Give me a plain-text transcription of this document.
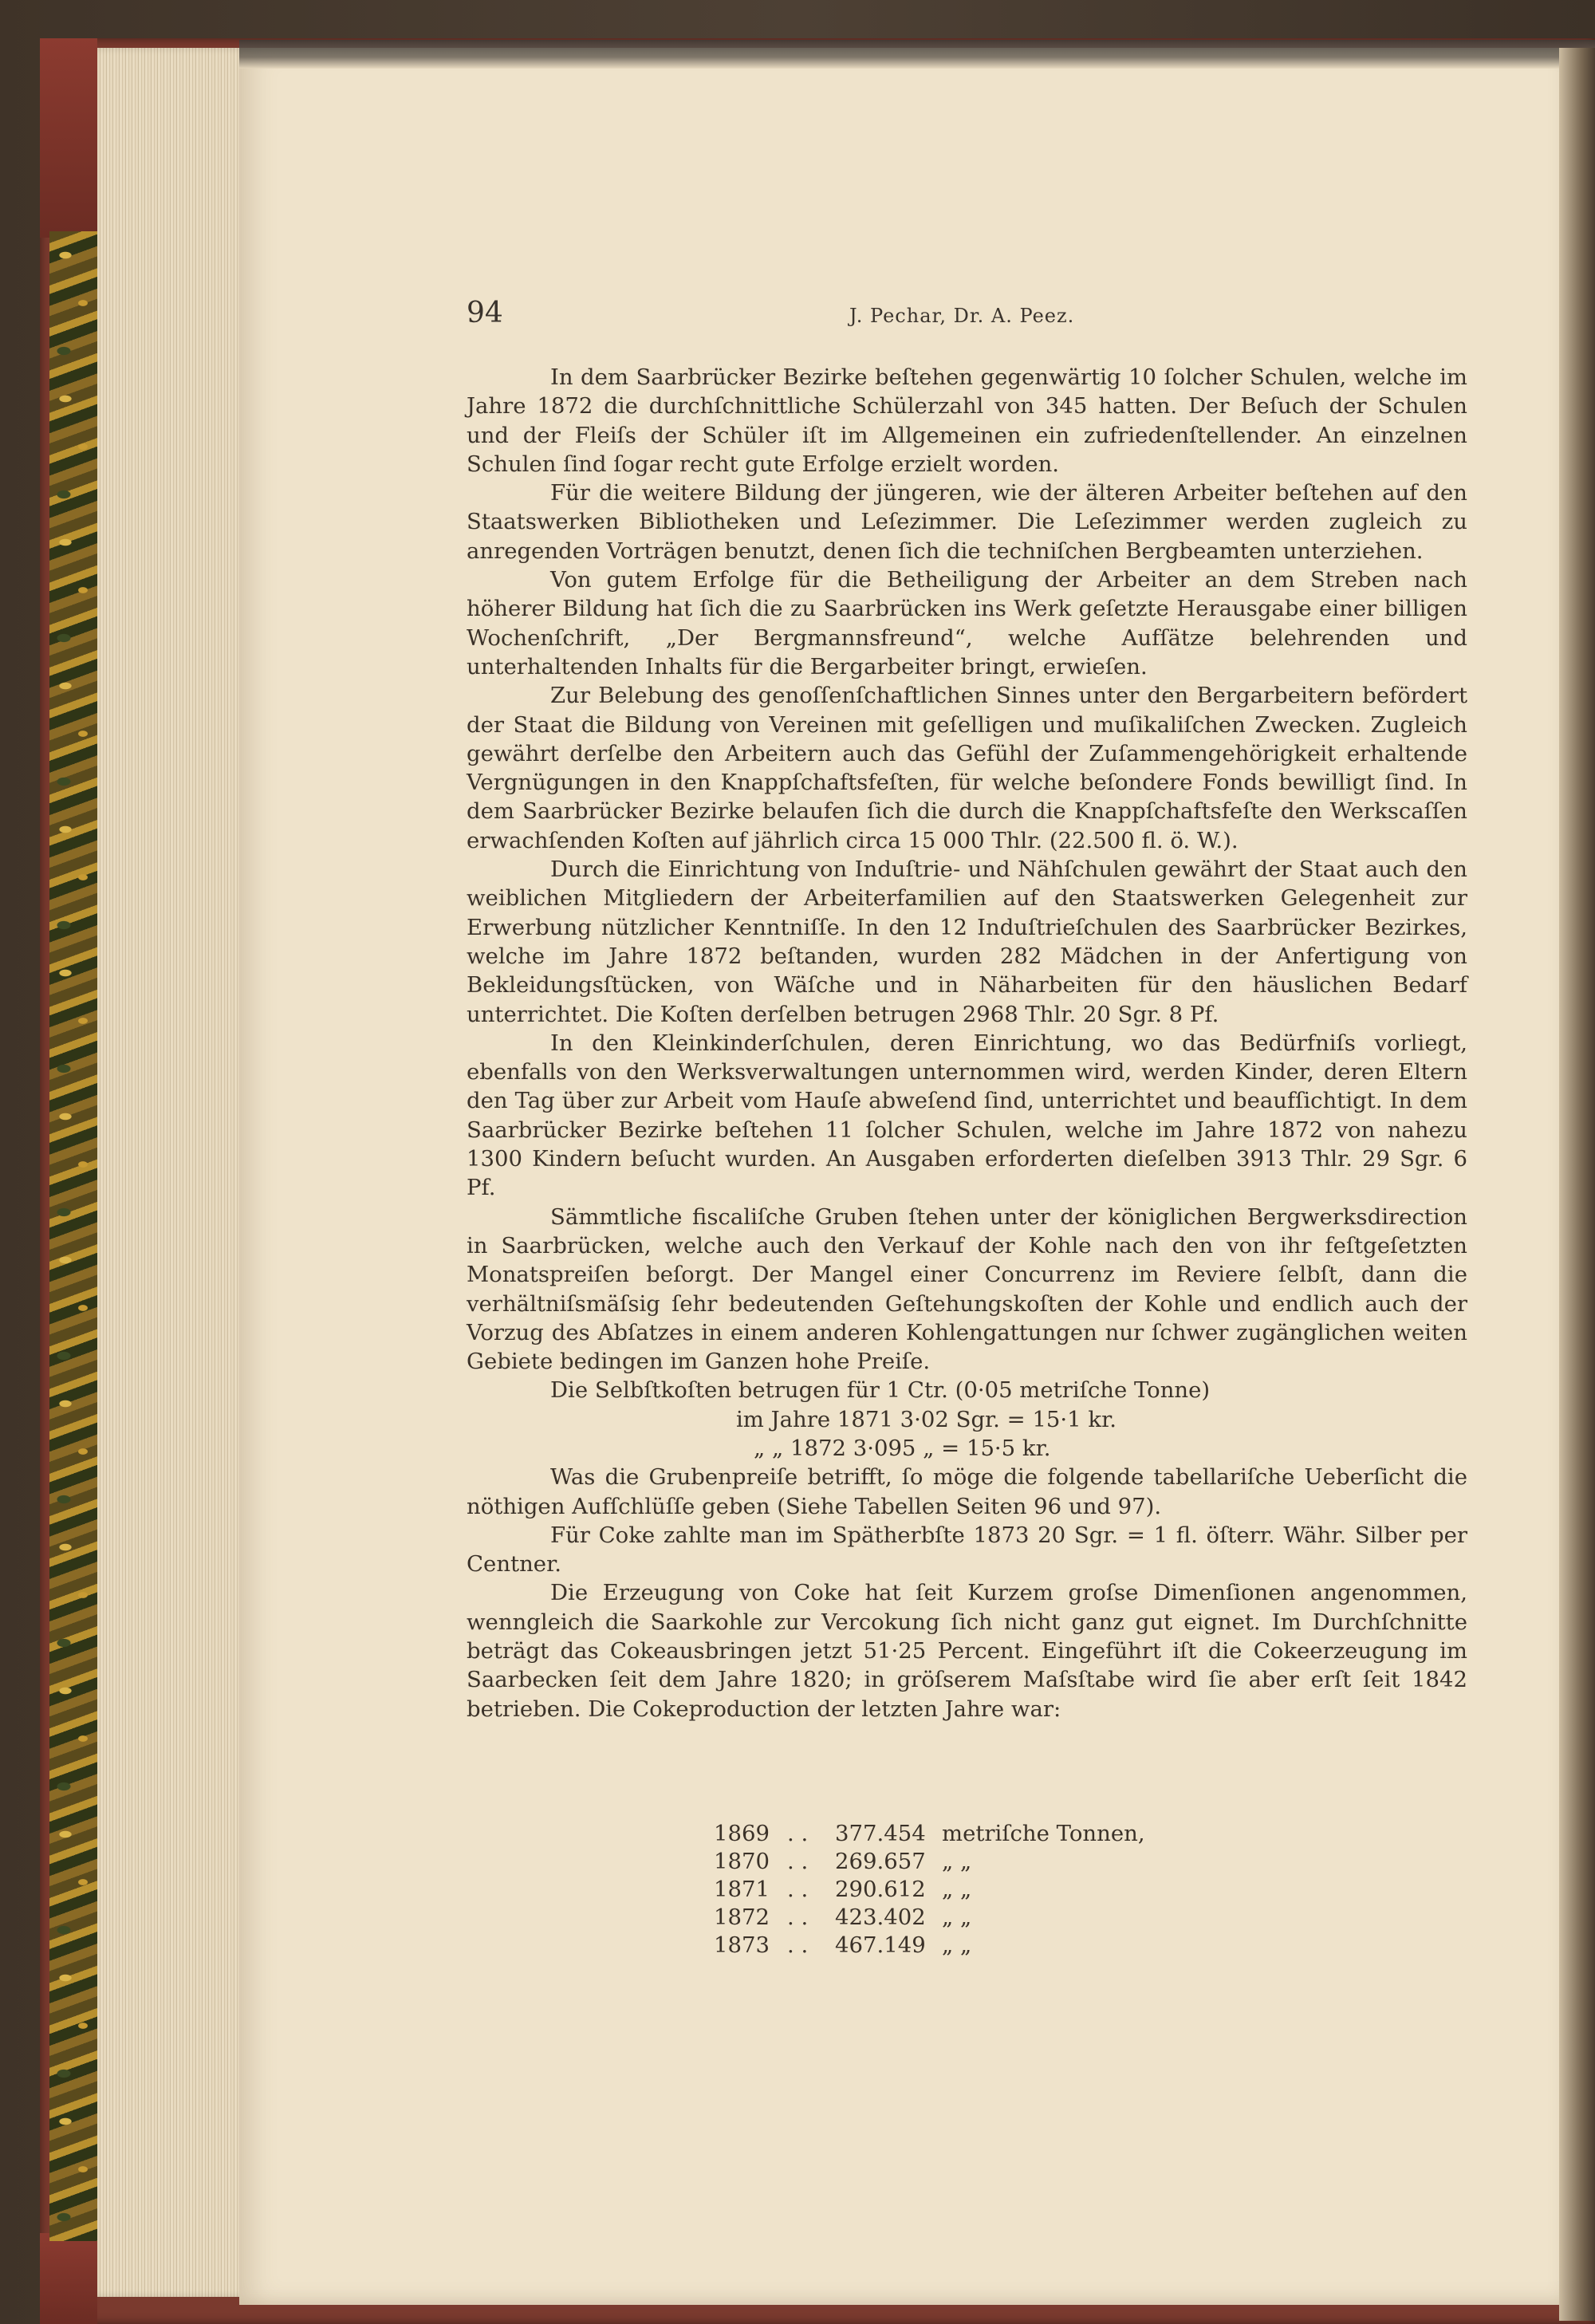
94	J. Pechar, Dr. A. Peez.

In dem Saarbrücker Bezirke beſtehen gegenwärtig 10 ſolcher Schulen, welche im Jahre 1872 die durchſchnittliche Schülerzahl von 345 hatten. Der Beſuch der Schulen und der Fleiſs der Schüler iſt im Allgemeinen ein zufriedenſtellender. An einzelnen Schulen ſind ſogar recht gute Erfolge erzielt worden.

Für die weitere Bildung der jüngeren, wie der älteren Arbeiter beſtehen auf den Staatswerken Bibliotheken und Leſezimmer. Die Leſezimmer werden zugleich zu anregenden Vorträgen benutzt, denen ſich die techniſchen Bergbeamten unterziehen.

Von gutem Erfolge für die Betheiligung der Arbeiter an dem Streben nach höherer Bildung hat ſich die zu Saarbrücken ins Werk geſetzte Herausgabe einer billigen Wochenſchrift, „Der Bergmannsfreund“, welche Aufſätze belehrenden und unterhaltenden Inhalts für die Bergarbeiter bringt, erwieſen.

Zur Belebung des genoſſenſchaftlichen Sinnes unter den Bergarbeitern befördert der Staat die Bildung von Vereinen mit geſelligen und muſikaliſchen Zwecken. Zugleich gewährt derſelbe den Arbeitern auch das Gefühl der Zuſammengehörigkeit erhaltende Vergnügungen in den Knappſchaftsfeſten, für welche beſondere Fonds bewilligt ſind. In dem Saarbrücker Bezirke belaufen ſich die durch die Knappſchaftsfeſte den Werkscaſſen erwachſenden Koſten auf jährlich circa 15 000 Thlr. (22.500 fl. ö. W.).

Durch die Einrichtung von Induſtrie- und Nähſchulen gewährt der Staat auch den weiblichen Mitgliedern der Arbeiterfamilien auf den Staatswerken Gelegenheit zur Erwerbung nützlicher Kenntniſſe. In den 12 Induſtrieſchulen des Saarbrücker Bezirkes, welche im Jahre 1872 beſtanden, wurden 282 Mädchen in der Anfertigung von Bekleidungsſtücken, von Wäſche und in Näharbeiten für den häuslichen Bedarf unterrichtet. Die Koſten derſelben betrugen 2968 Thlr. 20 Sgr. 8 Pf.

In den Kleinkinderſchulen, deren Einrichtung, wo das Bedürfniſs vorliegt, ebenfalls von den Werksverwaltungen unternommen wird, werden Kinder, deren Eltern den Tag über zur Arbeit vom Hauſe abweſend ſind, unterrichtet und beaufſichtigt. In dem Saarbrücker Bezirke beſtehen 11 ſolcher Schulen, welche im Jahre 1872 von nahezu 1300 Kindern beſucht wurden. An Ausgaben erforderten dieſelben 3913 Thlr. 29 Sgr. 6 Pf.

Sämmtliche fiscaliſche Gruben ſtehen unter der königlichen Bergwerksdirection in Saarbrücken, welche auch den Verkauf der Kohle nach den von ihr feſtgeſetzten Monatspreiſen beſorgt. Der Mangel einer Concurrenz im Reviere ſelbſt, dann die verhältniſsmäſsig ſehr bedeutenden Geſtehungskoſten der Kohle und endlich auch der Vorzug des Abſatzes in einem anderen Kohlengattungen nur ſchwer zugänglichen weiten Gebiete bedingen im Ganzen hohe Preiſe.

Die Selbſtkoſten betrugen für 1 Ctr. (0·05 metriſche Tonne)

im Jahre 1871 3·02 Sgr. = 15·1 kr.
„ „ 1872 3·095 „ = 15·5 kr.

Was die Grubenpreiſe betrifft, ſo möge die folgende tabellariſche Ueberſicht die nöthigen Aufſchlüſſe geben (Siehe Tabellen Seiten 96 und 97).

Für Coke zahlte man im Spätherbſte 1873 20 Sgr. = 1 fl. öſterr. Währ. Silber per Centner.

Die Erzeugung von Coke hat ſeit Kurzem groſse Dimenſionen angenommen, wenngleich die Saarkohle zur Vercokung ſich nicht ganz gut eignet. Im Durchſchnitte beträgt das Cokeausbringen jetzt 51·25 Percent. Eingeführt iſt die Cokeerzeugung im Saarbecken ſeit dem Jahre 1820; in gröſserem Maſsſtabe wird ſie aber erſt ſeit 1842 betrieben. Die Cokeproduction der letzten Jahre war:

1869	. .	377.454	metriſche Tonnen,
1870	. .	269.657	„ „
1871	. .	290.612	„ „
1872	. .	423.402	„ „
1873	. .	467.149	„ „
